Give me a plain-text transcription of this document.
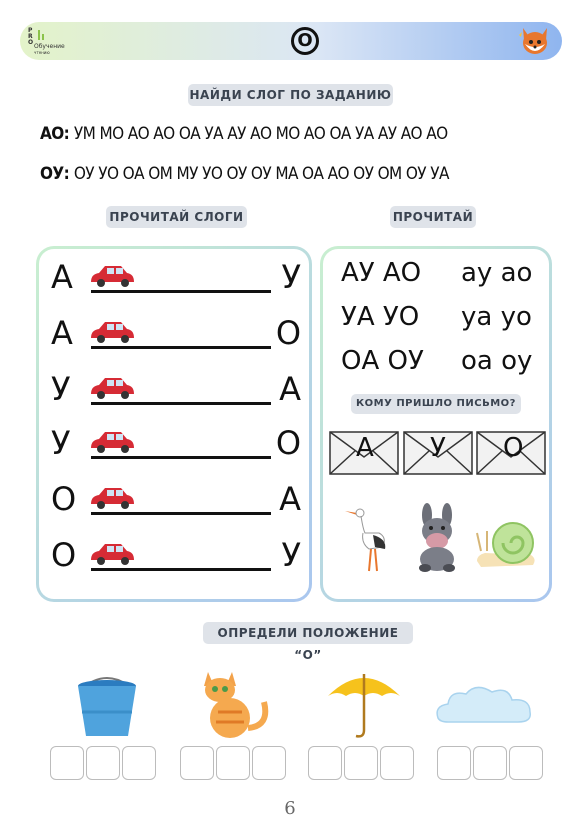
P
R
O
Обучение
чтению
О
НАЙДИ СЛОГ ПО ЗАДАНИЮ
АО: УМ МО АО АО ОА УА АУ АО МО АО ОА УА АУ АО АО
ОУ: ОУ УО ОА ОМ МУ УО ОУ ОУ МА ОА АО ОУ ОМ ОУ УА
ПРОЧИТАЙ СЛОГИ	ПРОЧИТАЙ
А	У
А	О
У	А
У	О
О	А
О	У
АУ АО ау ао
УА УО уа уо
ОА ОУ оа оу
КОМУ ПРИШЛО ПИСЬМО?
А У О
ОПРЕДЕЛИ ПОЛОЖЕНИЕ “О”
6
